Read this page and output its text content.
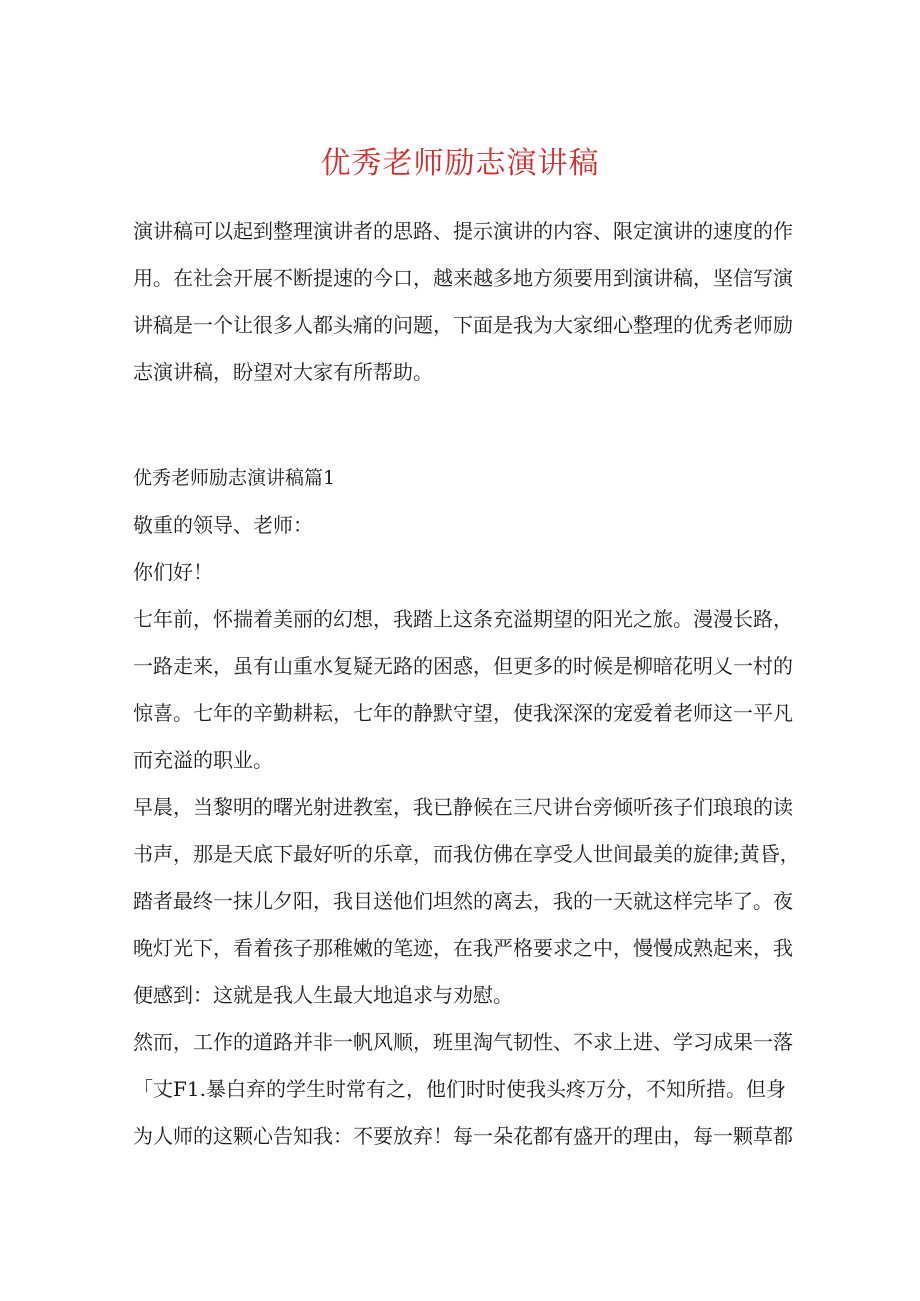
优秀老师励志演讲稿

演讲稿可以起到整理演讲者的思路、提示演讲的内容、限定演讲的速度的作
用。在社会开展不断提速的今口，越来越多地方须要用到演讲稿，坚信写演
讲稿是一个让很多人都头痛的问题，下面是我为大家细心整理的优秀老师励
志演讲稿，盼望对大家有所帮助。

优秀老师励志演讲稿篇1

敬重的领导、老师：

你们好！

七年前，怀揣着美丽的幻想，我踏上这条充溢期望的阳光之旅。漫漫长路，
一路走来，虽有山重水复疑无路的困惑，但更多的时候是柳暗花明乂一村的
惊喜。七年的辛勤耕耘，七年的静默守望，使我深深的宠爱着老师这一平凡
而充溢的职业。

早晨，当黎明的曙光射进教室，我已静候在三尺讲台旁倾听孩子们琅琅的读
书声，那是天底下最好听的乐章，而我仿佛在享受人世间最美的旋律;黄昏，
踏者最终一抹儿夕阳，我目送他们坦然的离去，我的一天就这样完毕了。夜
晚灯光下，看着孩子那稚嫩的笔迹，在我严格要求之中，慢慢成熟起来，我
便感到：这就是我人生最大地追求与劝慰。

然而，工作的道路并非一帆风顺，班里淘气韧性、不求上进、学习成果一落
「丈F1.暴白弃的学生时常有之，他们时时使我头疼万分，不知所措。但身
为人师的这颗心告知我：不要放弃！每一朵花都有盛开的理由，每一颗草都
